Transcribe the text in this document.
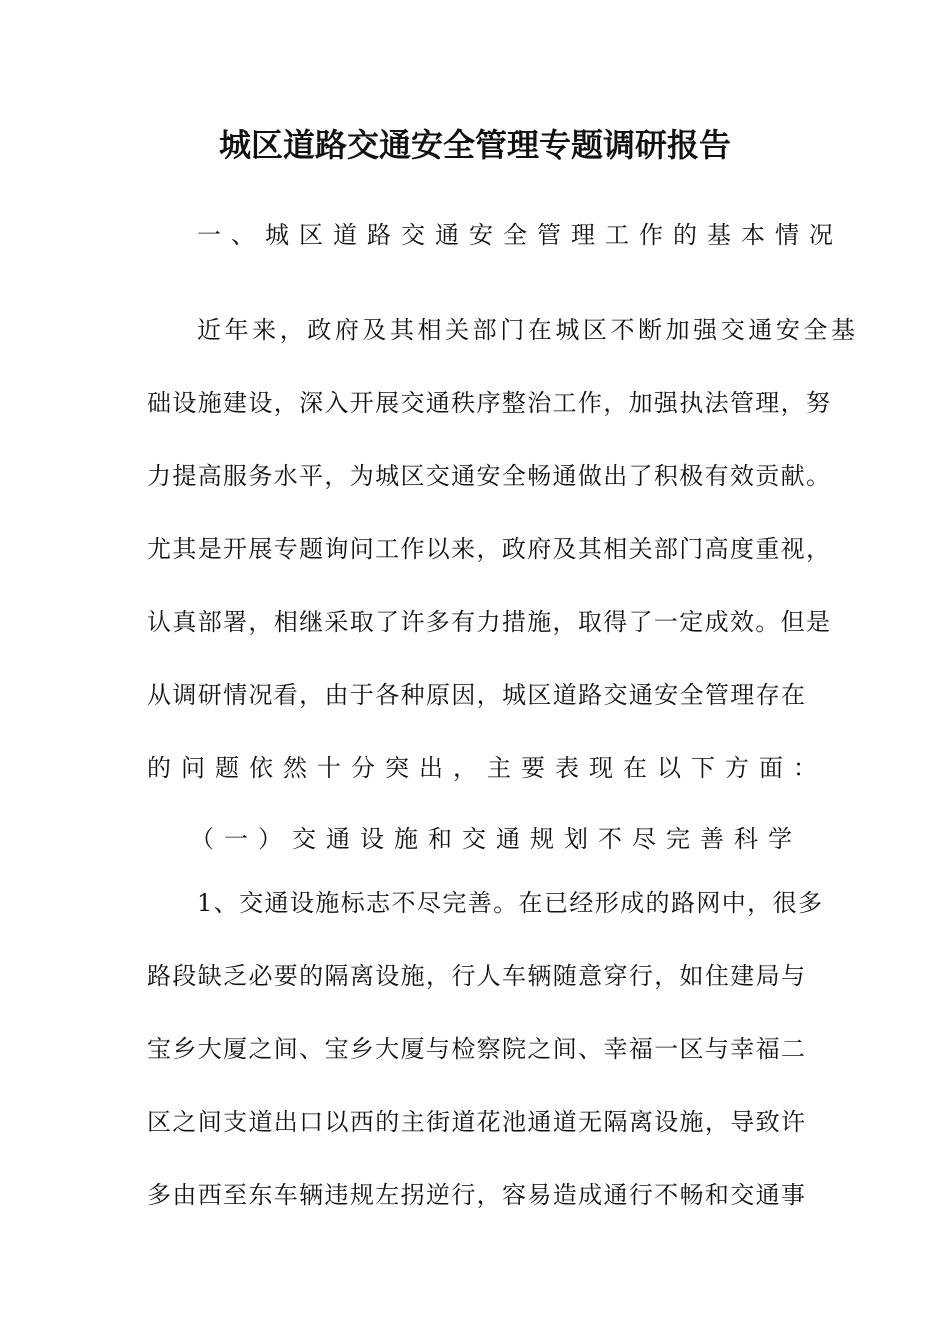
城区道路交通安全管理专题调研报告
一、城区道路交通安全管理工作的基本情况
近年来，政府及其相关部门在城区不断加强交通安全基
础设施建设，深入开展交通秩序整治工作，加强执法管理，努
力提高服务水平，为城区交通安全畅通做出了积极有效贡献。
尤其是开展专题询问工作以来，政府及其相关部门高度重视，
认真部署，相继采取了许多有力措施，取得了一定成效。但是
从调研情况看，由于各种原因，城区道路交通安全管理存在
的问题依然十分突出，主要表现在以下方面：
（一）交通设施和交通规划不尽完善科学
1、交通设施标志不尽完善。在已经形成的路网中，很多
路段缺乏必要的隔离设施，行人车辆随意穿行，如住建局与
宝乡大厦之间、宝乡大厦与检察院之间、幸福一区与幸福二
区之间支道出口以西的主街道花池通道无隔离设施，导致许
多由西至东车辆违规左拐逆行，容易造成通行不畅和交通事
